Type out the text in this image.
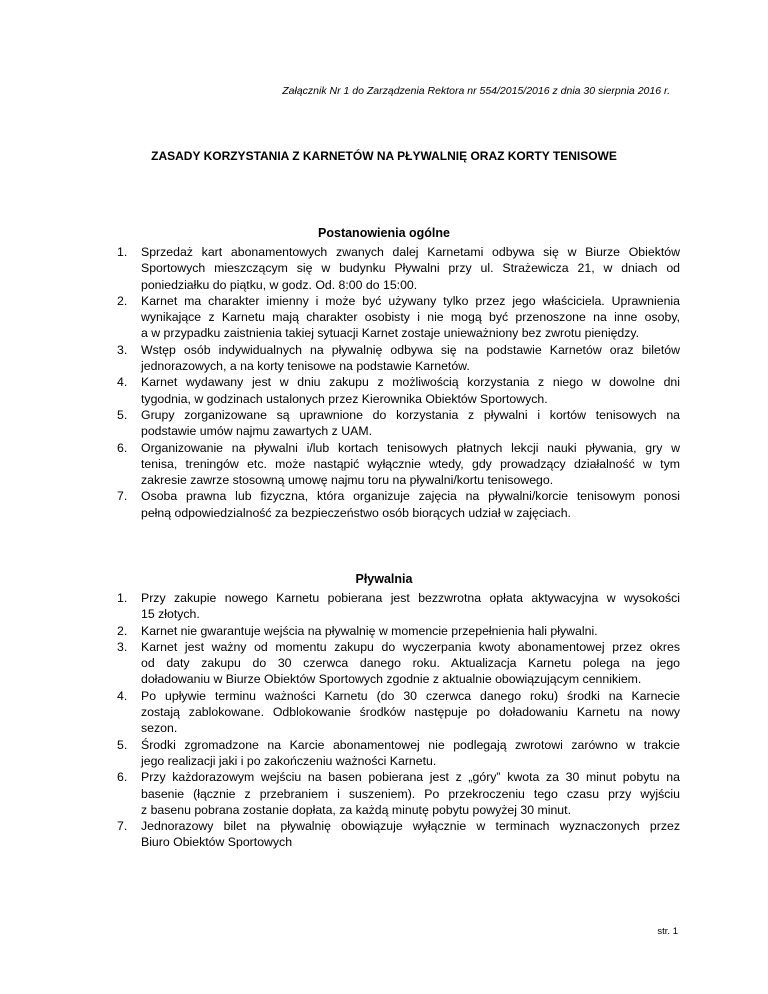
Załącznik Nr 1 do Zarządzenia Rektora nr 554/2015/2016 z dnia 30 sierpnia 2016 r.
ZASADY KORZYSTANIA Z KARNETÓW NA PŁYWALNIĘ ORAZ KORTY TENISOWE
Postanowienia ogólne
1. Sprzedaż kart abonamentowych zwanych dalej Karnetami odbywa się w Biurze Obiektów
Sportowych mieszczącym się w budynku Pływalni przy ul. Strażewicza 21, w dniach od
poniedziałku do piątku, w godz. Od. 8:00 do 15:00.
2. Karnet ma charakter imienny i może być używany tylko przez jego właściciela. Uprawnienia
wynikające z Karnetu mają charakter osobisty i nie mogą być przenoszone na inne osoby,
a w przypadku zaistnienia takiej sytuacji Karnet zostaje unieważniony bez zwrotu pieniędzy.
3. Wstęp osób indywidualnych na pływalnię odbywa się na podstawie Karnetów oraz biletów
jednorazowych, a na korty tenisowe na podstawie Karnetów.
4. Karnet wydawany jest w dniu zakupu z możliwością korzystania z niego w dowolne dni
tygodnia, w godzinach ustalonych przez Kierownika Obiektów Sportowych.
5. Grupy zorganizowane są uprawnione do korzystania z pływalni i kortów tenisowych na
podstawie umów najmu zawartych z UAM.
6. Organizowanie na pływalni i/lub kortach tenisowych płatnych lekcji nauki pływania, gry w
tenisa, treningów etc. może nastąpić wyłącznie wtedy, gdy prowadzący działalność w tym
zakresie zawrze stosowną umowę najmu toru na pływalni/kortu tenisowego.
7. Osoba prawna lub fizyczna, która organizuje zajęcia na pływalni/korcie tenisowym ponosi
pełną odpowiedzialność za bezpieczeństwo osób biorących udział w zajęciach.
Pływalnia
1. Przy zakupie nowego Karnetu pobierana jest bezzwrotna opłata aktywacyjna w wysokości
15 złotych.
2. Karnet nie gwarantuje wejścia na pływalnię w momencie przepełnienia hali pływalni.
3. Karnet jest ważny od momentu zakupu do wyczerpania kwoty abonamentowej przez okres
od daty zakupu do 30 czerwca danego roku. Aktualizacja Karnetu polega na jego
doładowaniu w Biurze Obiektów Sportowych zgodnie z aktualnie obowiązującym cennikiem.
4. Po upływie terminu ważności Karnetu (do 30 czerwca danego roku) środki na Karnecie
zostają zablokowane. Odblokowanie środków następuje po doładowaniu Karnetu na nowy
sezon.
5. Środki zgromadzone na Karcie abonamentowej nie podlegają zwrotowi zarówno w trakcie
jego realizacji jaki i po zakończeniu ważności Karnetu.
6. Przy każdorazowym wejściu na basen pobierana jest z „góry” kwota za 30 minut pobytu na
basenie (łącznie z przebraniem i suszeniem). Po przekroczeniu tego czasu przy wyjściu
z basenu pobrana zostanie dopłata, za każdą minutę pobytu powyżej 30 minut.
7. Jednorazowy bilet na pływalnię obowiązuje wyłącznie w terminach wyznaczonych przez
Biuro Obiektów Sportowych
str. 1
